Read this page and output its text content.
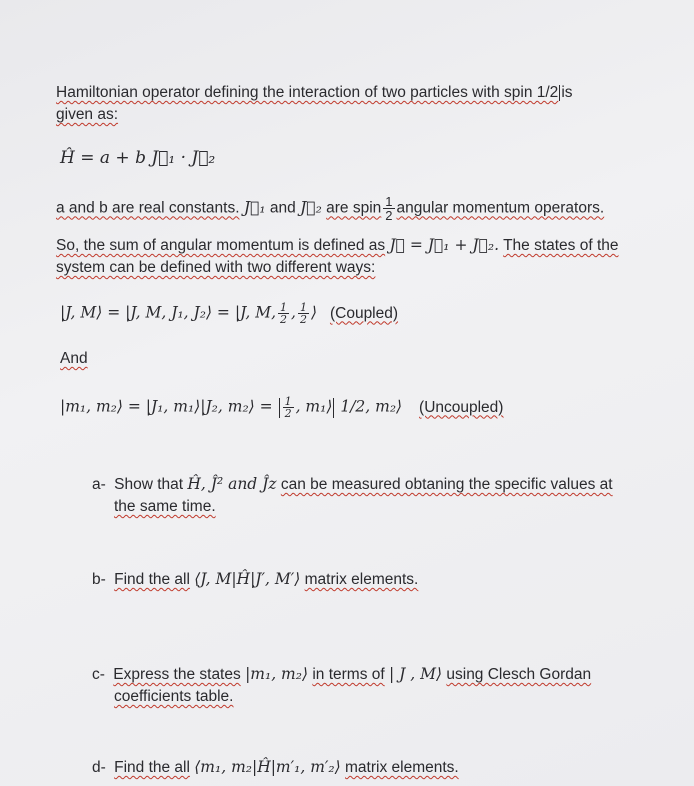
Hamiltonian operator defining the interaction of two particles with spin 1/2 is
given as:
Ĥ = a + b J⃗₁ · J⃗₂
a and b are real constants. J⃗₁ and J⃗₂ are spin $\frac{1}{2}$ angular momentum operators.
So, the sum of angular momentum is defined as J⃗ = J⃗₁ + J⃗₂. The states of the
system can be defined with two different ways:
|J, M⟩ = |J, M, J₁, J₂⟩ = |J, M, $\frac{1}{2}$ , $\frac{1}{2}$ ⟩ (Coupled)
And
|m₁, m₂⟩ = |J₁, m₁⟩|J₂, m₂⟩ = $\frac{1}{2}$ , m₁⟩ 1/2, m₂⟩ (Uncoupled)
a- Show that Ĥ, Ĵ² and Ĵz can be measured obtaning the specific values at
the same time.
b- Find the all ⟨J, M|Ĥ|J′, M′⟩ matrix elements.
c- Express the states |m₁, m₂⟩ in terms of | J , M⟩ using Clesch Gordan
coefficients table.
d- Find the all ⟨m₁, m₂|Ĥ|m′₁, m′₂⟩ matrix elements.
